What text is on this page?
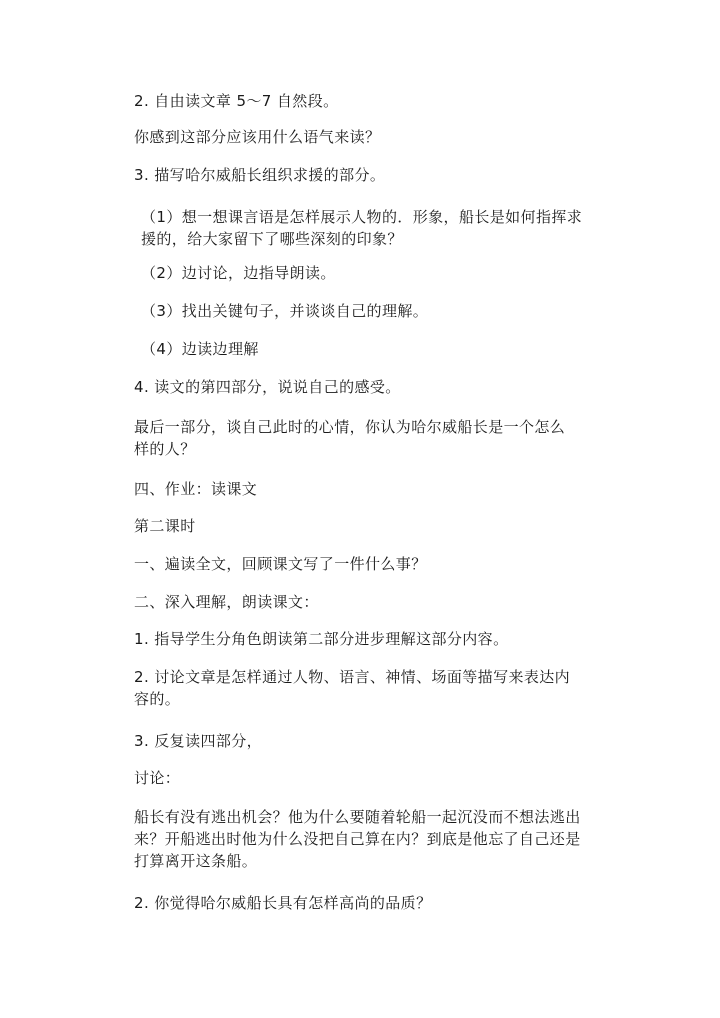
2. 自由读文章 5～7 自然段。
你感到这部分应该用什么语气来读？
3. 描写哈尔威船长组织求援的部分。
（1）想一想课言语是怎样展示人物的．形象，船长是如何指挥求援的，给大家留下了哪些深刻的印象？
（2）边讨论，边指导朗读。
（3）找出关键句子，并谈谈自己的理解。
（4）边读边理解
4. 读文的第四部分，说说自己的感受。
最后一部分，谈自己此时的心情，你认为哈尔威船长是一个怎么样的人？
四、作业：读课文
第二课时
一、遍读全文，回顾课文写了一件什么事？
二、深入理解，朗读课文：
1. 指导学生分角色朗读第二部分进步理解这部分内容。
2. 讨论文章是怎样通过人物、语言、神情、场面等描写来表达内容的。
3. 反复读四部分，
讨论：
船长有没有逃出机会？他为什么要随着轮船一起沉没而不想法逃出来？开船逃出时他为什么没把自己算在内？到底是他忘了自己还是打算离开这条船。
2. 你觉得哈尔威船长具有怎样高尚的品质？
